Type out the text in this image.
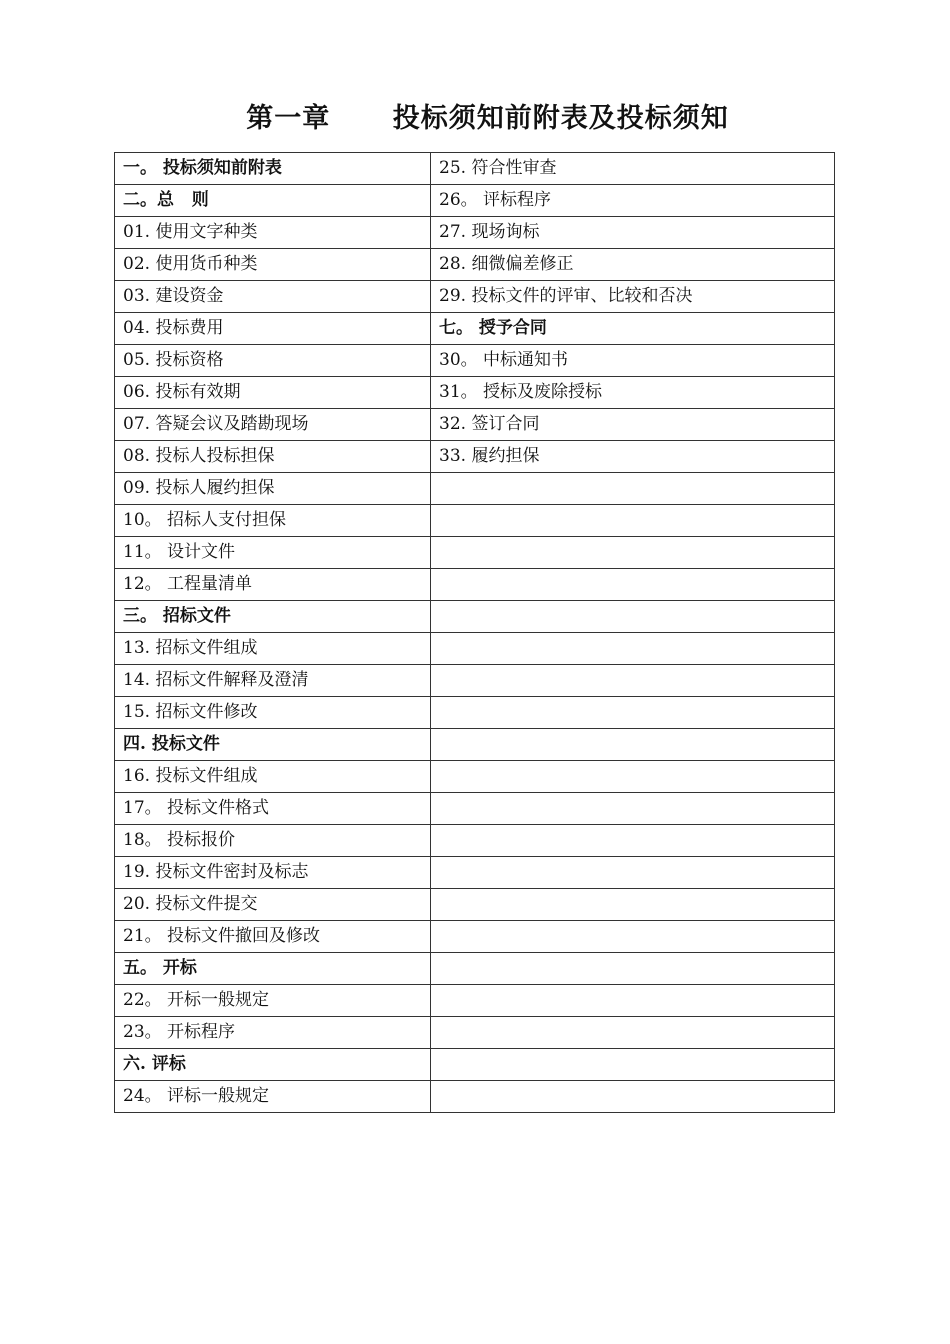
第一章      投标须知前附表及投标须知
一。 投标须知前附表	25. 符合性审查
二。总   则	26。 评标程序
01. 使用文字种类	27. 现场询标
02. 使用货币种类	28. 细微偏差修正
03. 建设资金	29. 投标文件的评审、比较和否决
04. 投标费用	七。 授予合同
05. 投标资格	30。 中标通知书
06. 投标有效期	31。 授标及废除授标
07. 答疑会议及踏勘现场	32. 签订合同
08. 投标人投标担保	33. 履约担保
09. 投标人履约担保	
10。 招标人支付担保	
11。 设计文件	
12。 工程量清单	
三。 招标文件	
13. 招标文件组成	
14. 招标文件解释及澄清	
15. 招标文件修改	
四. 投标文件	
16. 投标文件组成	
17。 投标文件格式	
18。 投标报价	
19. 投标文件密封及标志	
20. 投标文件提交	
21。 投标文件撤回及修改	
五。 开标	
22。 开标一般规定	
23。 开标程序	
六. 评标	
24。 评标一般规定	
